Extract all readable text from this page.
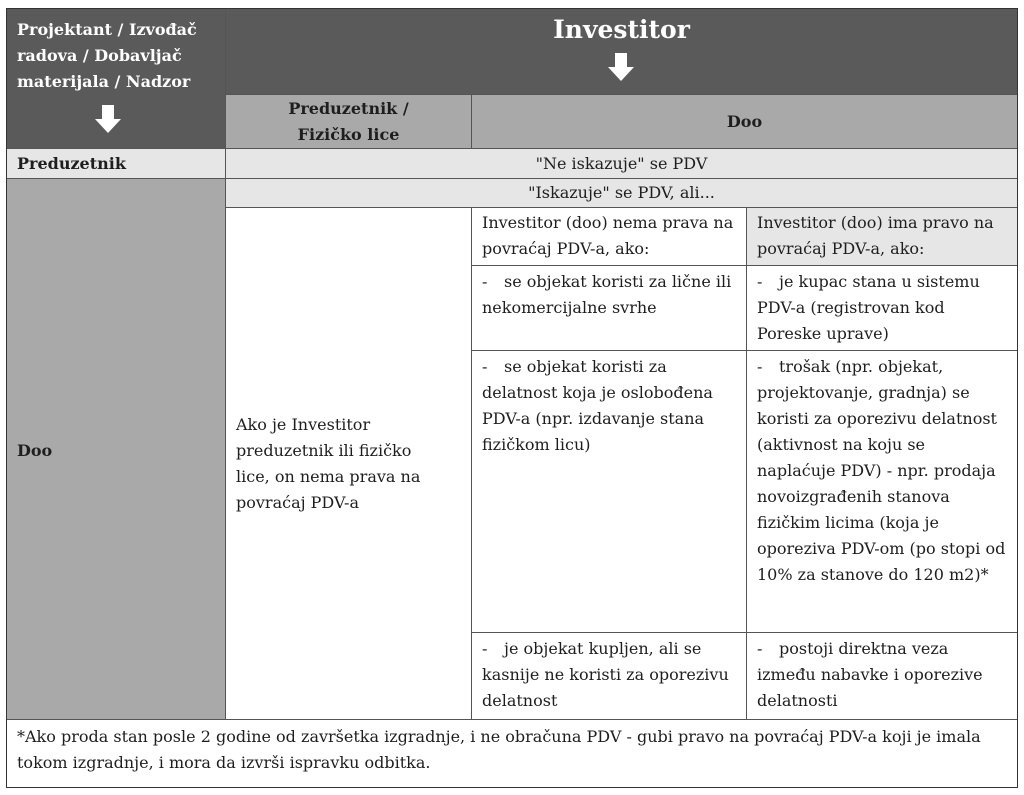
Projektant / Izvođač radova / Dobavljač materijala / Nadzor
Investitor
Preduzetnik / Fizičko lice
Doo
Preduzetnik	"Ne iskazuje" se PDV
Doo
"Iskazuje" se PDV, ali...
Ako je Investitor preduzetnik ili fizičko lice, on nema prava na povraćaj PDV-a
Investitor (doo) nema prava na povraćaj PDV-a, ako:
Investitor (doo) ima pravo na povraćaj PDV-a, ako:
- se objekat koristi za lične ili nekomercijalne svrhe
- je kupac stana u sistemu PDV-a (registrovan kod Poreske uprave)
- se objekat koristi za delatnost koja je oslobođena PDV-a (npr. izdavanje stana fizičkom licu)
- trošak (npr. objekat, projektovanje, gradnja) se koristi za oporezivu delatnost (aktivnost na koju se naplaćuje PDV) - npr. prodaja novoizgrađenih stanova fizičkim licima (koja je oporeziva PDV-om (po stopi od 10% za stanove do 120 m2)*
- je objekat kupljen, ali se kasnije ne koristi za oporezivu delatnost
- postoji direktna veza između nabavke i oporezive delatnosti
*Ako proda stan posle 2 godine od završetka izgradnje, i ne obračuna PDV - gubi pravo na povraćaj PDV-a koji je imala tokom izgradnje, i mora da izvrši ispravku odbitka.
